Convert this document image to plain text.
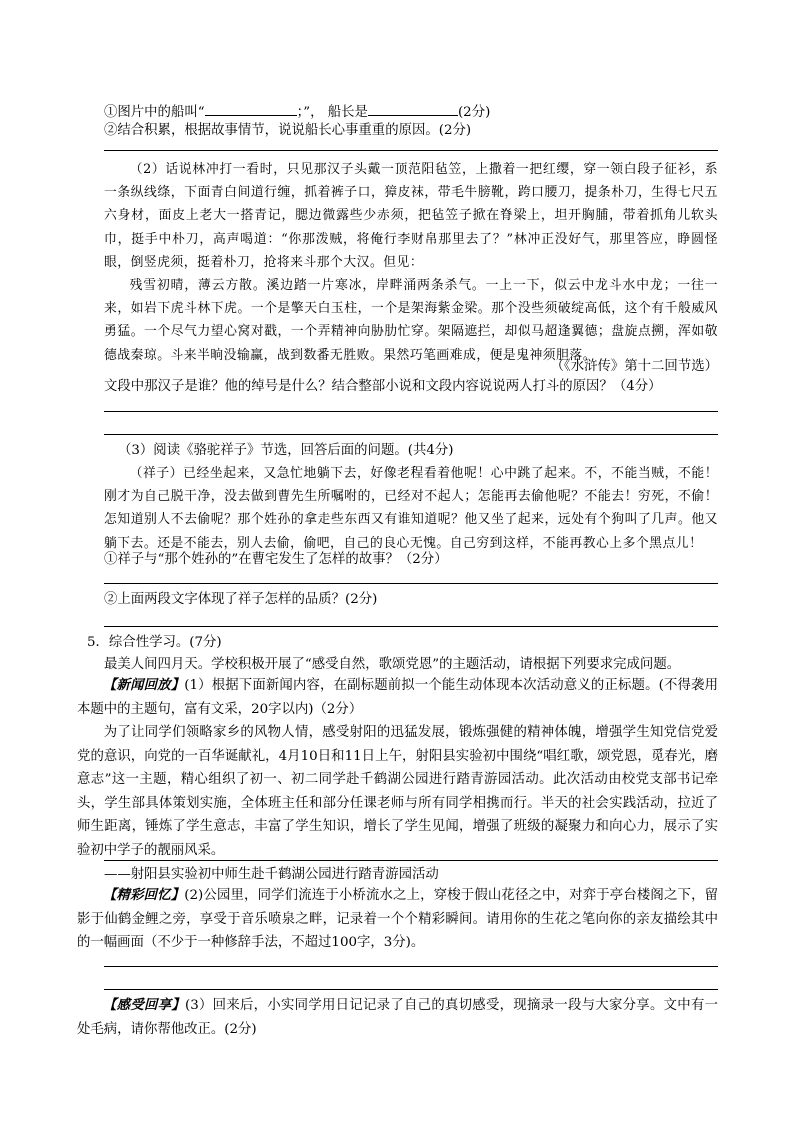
①图片中的船叫“	；”， 船长是	(2分)
②结合积累，根据故事情节，说说船长心事重重的原因。(2分)
（2）话说林冲打一看时，只见那汉子头戴一顶范阳毡笠，上撒着一把红缨，穿一领白段子征衫，系一条纵线绦，下面青白间道行缠，抓着裤子口，獐皮袜，带毛牛膀靴，跨口腰刀，提条朴刀，生得七尺五六身材，面皮上老大一搭青记，腮边微露些少赤须，把毡笠子掀在脊梁上，坦开胸脯，带着抓角儿软头巾，挺手中朴刀，高声喝道：“你那泼贼，将俺行李财帛那里去了？”林冲正没好气，那里答应，睁圆怪眼，倒竖虎须，挺着朴刀，抢将来斗那个大汉。但见：
残雪初晴，薄云方散。溪边踏一片寒冰，岸畔涌两条杀气。一上一下，似云中龙斗水中龙；一往一来，如岩下虎斗林下虎。一个是擎天白玉柱，一个是架海紫金梁。那个没些须破绽高低，这个有千般威风勇猛。一个尽气力望心窝对戳，一个弄精神向胁肋忙穿。架隔遮拦，却似马超逢翼德；盘旋点搠，浑如敬德战秦琼。斗来半晌没输赢，战到数番无胜败。果然巧笔画难成，便是鬼神须胆落。
（《水浒传》第十二回节选）
文段中那汉子是谁？他的绰号是什么？结合整部小说和文段内容说说两人打斗的原因？（4分）
（3）阅读《骆驼祥子》节选，回答后面的问题。(共4分)
（祥子）已经坐起来，又急忙地躺下去，好像老程看着他呢！心中跳了起来。不，不能当贼，不能！刚才为自己脱干净，没去做到曹先生所嘱咐的，已经对不起人；怎能再去偷他呢？不能去！穷死，不偷！怎知道别人不去偷呢？那个姓孙的拿走些东西又有谁知道呢？他又坐了起来，远处有个狗叫了几声。他又躺下去。还是不能去，别人去偷，偷吧，自己的良心无愧。自己穷到这样，不能再教心上多个黑点儿！
①祥子与“那个姓孙的”在曹宅发生了怎样的故事？（2分）
②上面两段文字体现了祥子怎样的品质？(2分)
5．综合性学习。(7分)
最美人间四月天。学校积极开展了“感受自然，歌颂党恩”的主题活动，请根据下列要求完成问题。
【新闻回放】(1）根据下面新闻内容，在副标题前拟一个能生动体现本次活动意义的正标题。(不得袭用本题中的主题句，富有文采，20字以内)（2分）
为了让同学们领略家乡的风物人情，感受射阳的迅猛发展，锻炼强健的精神体魄，增强学生知党信党爱党的意识，向党的一百华诞献礼，4月10日和11日上午，射阳县实验初中围绕“唱红歌，颂党恩，觅春光，磨意志”这一主题，精心组织了初一、初二同学赴千鹤湖公园进行踏青游园活动。此次活动由校党支部书记牵头，学生部具体策划实施，全体班主任和部分任课老师与所有同学相携而行。半天的社会实践活动，拉近了师生距离，锤炼了学生意志，丰富了学生知识，增长了学生见闻，增强了班级的凝聚力和向心力，展示了实验初中学子的靓丽风采。
——射阳县实验初中师生赴千鹤湖公园进行踏青游园活动
【精彩回忆】(2)公园里，同学们流连于小桥流水之上，穿梭于假山花径之中，对弈于亭台楼阁之下，留影于仙鹤金鲤之旁，享受于音乐喷泉之畔，记录着一个个精彩瞬间。请用你的生花之笔向你的亲友描绘其中的一幅画面（不少于一种修辞手法，不超过100字，3分)。
【感受回享】(3）回来后，小实同学用日记记录了自己的真切感受，现摘录一段与大家分享。文中有一处毛病，请你帮他改正。(2分)
